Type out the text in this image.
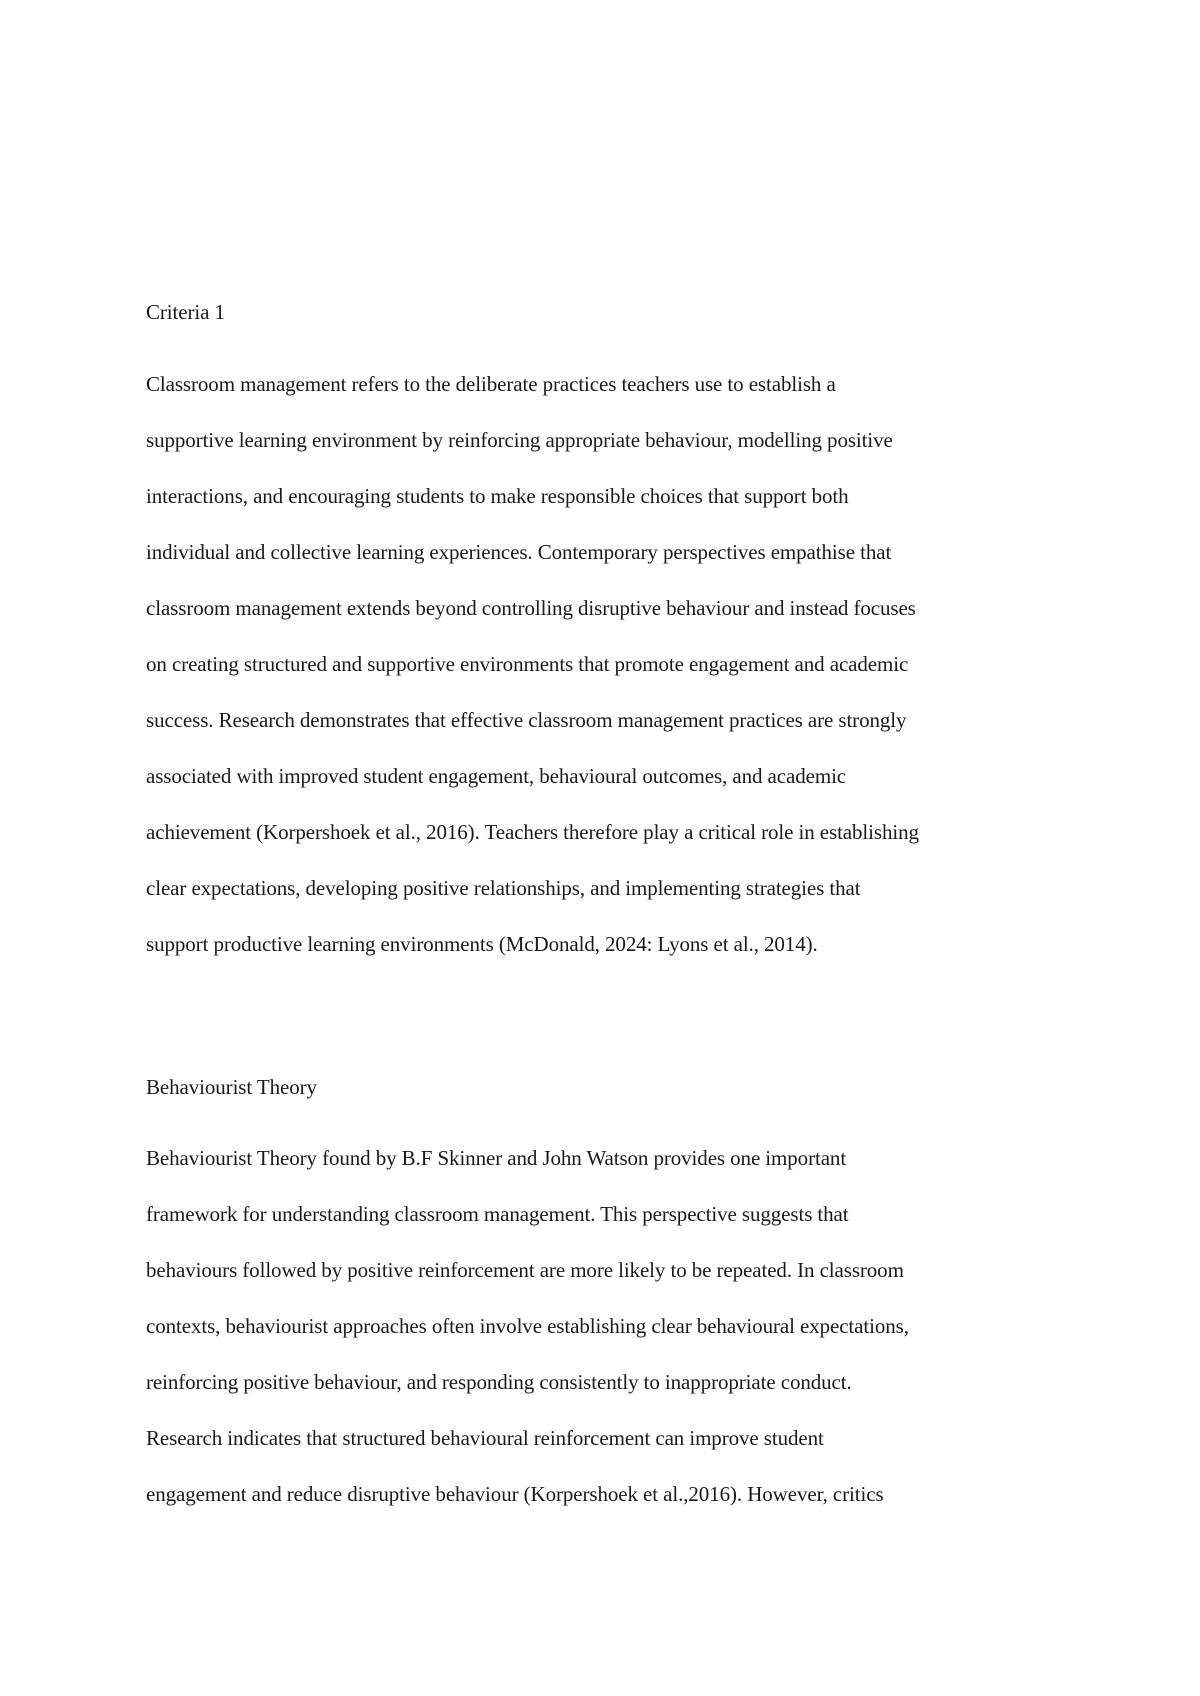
Criteria 1
Classroom management refers to the deliberate practices teachers use to establish a
supportive learning environment by reinforcing appropriate behaviour, modelling positive
interactions, and encouraging students to make responsible choices that support both
individual and collective learning experiences. Contemporary perspectives empathise that
classroom management extends beyond controlling disruptive behaviour and instead focuses
on creating structured and supportive environments that promote engagement and academic
success. Research demonstrates that effective classroom management practices are strongly
associated with improved student engagement, behavioural outcomes, and academic
achievement (Korpershoek et al., 2016). Teachers therefore play a critical role in establishing
clear expectations, developing positive relationships, and implementing strategies that
support productive learning environments (McDonald, 2024: Lyons et al., 2014).
Behaviourist Theory
Behaviourist Theory found by B.F Skinner and John Watson provides one important
framework for understanding classroom management. This perspective suggests that
behaviours followed by positive reinforcement are more likely to be repeated. In classroom
contexts, behaviourist approaches often involve establishing clear behavioural expectations,
reinforcing positive behaviour, and responding consistently to inappropriate conduct.
Research indicates that structured behavioural reinforcement can improve student
engagement and reduce disruptive behaviour (Korpershoek et al.,2016). However, critics
